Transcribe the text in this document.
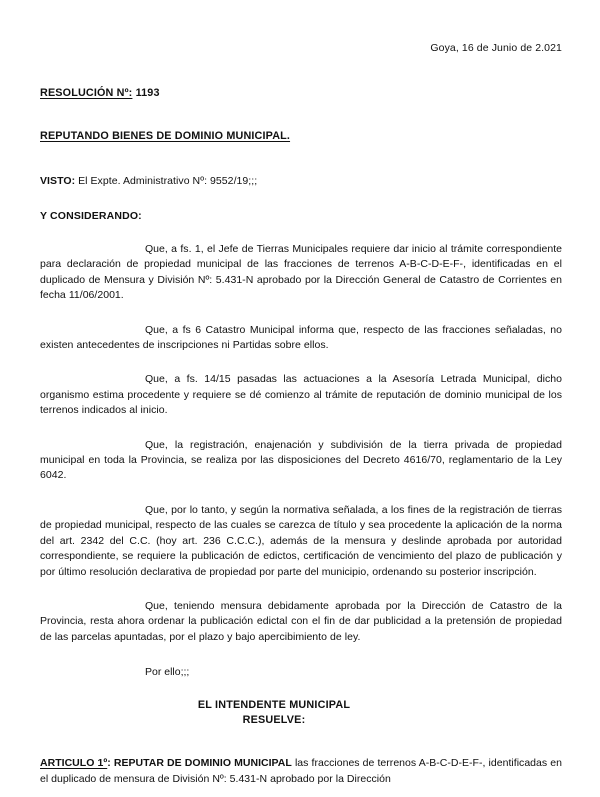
Goya, 16 de Junio de 2.021
RESOLUCIÓN Nº: 1193
REPUTANDO BIENES DE DOMINIO MUNICIPAL.
VISTO: El Expte. Administrativo Nº: 9552/19;;;
Y CONSIDERANDO:

Que, a fs. 1, el Jefe de Tierras Municipales requiere dar inicio al trámite correspondiente para declaración de propiedad municipal de las fracciones de terrenos A-B-C-D-E-F-, identificadas en el duplicado de Mensura y División Nº: 5.431-N aprobado por la Dirección General de Catastro de Corrientes en fecha 11/06/2001.

Que, a fs 6 Catastro Municipal informa que, respecto de las fracciones señaladas, no existen antecedentes de inscripciones ni Partidas sobre ellos.

Que, a fs. 14/15 pasadas las actuaciones a la Asesoría Letrada Municipal, dicho organismo estima procedente y requiere se dé comienzo al trámite de reputación de dominio municipal de los terrenos indicados al inicio.

Que, la registración, enajenación y subdivisión de la tierra privada de propiedad municipal en toda la Provincia, se realiza por las disposiciones del Decreto 4616/70, reglamentario de la Ley 6042.

Que, por lo tanto, y según la normativa señalada, a los fines de la registración de tierras de propiedad municipal, respecto de las cuales se carezca de título y sea procedente la aplicación de la norma del art. 2342 del C.C. (hoy art. 236 C.C.C.), además de la mensura y deslinde aprobada por autoridad correspondiente, se requiere la publicación de edictos, certificación de vencimiento del plazo de publicación y por último resolución declarativa de propiedad por parte del municipio, ordenando su posterior inscripción.

Que, teniendo mensura debidamente aprobada por la Dirección de Catastro de la Provincia, resta ahora ordenar la publicación edictal con el fin de dar publicidad a la pretensión de propiedad de las parcelas apuntadas, por el plazo y bajo apercibimiento de ley.

Por ello;;;
EL INTENDENTE MUNICIPAL
RESUELVE:

ARTICULO 1º: REPUTAR DE DOMINIO MUNICIPAL las fracciones de terrenos A-B-C-D-E-F-, identificadas en el duplicado de mensura de División Nº: 5.431-N aprobado por la Dirección
